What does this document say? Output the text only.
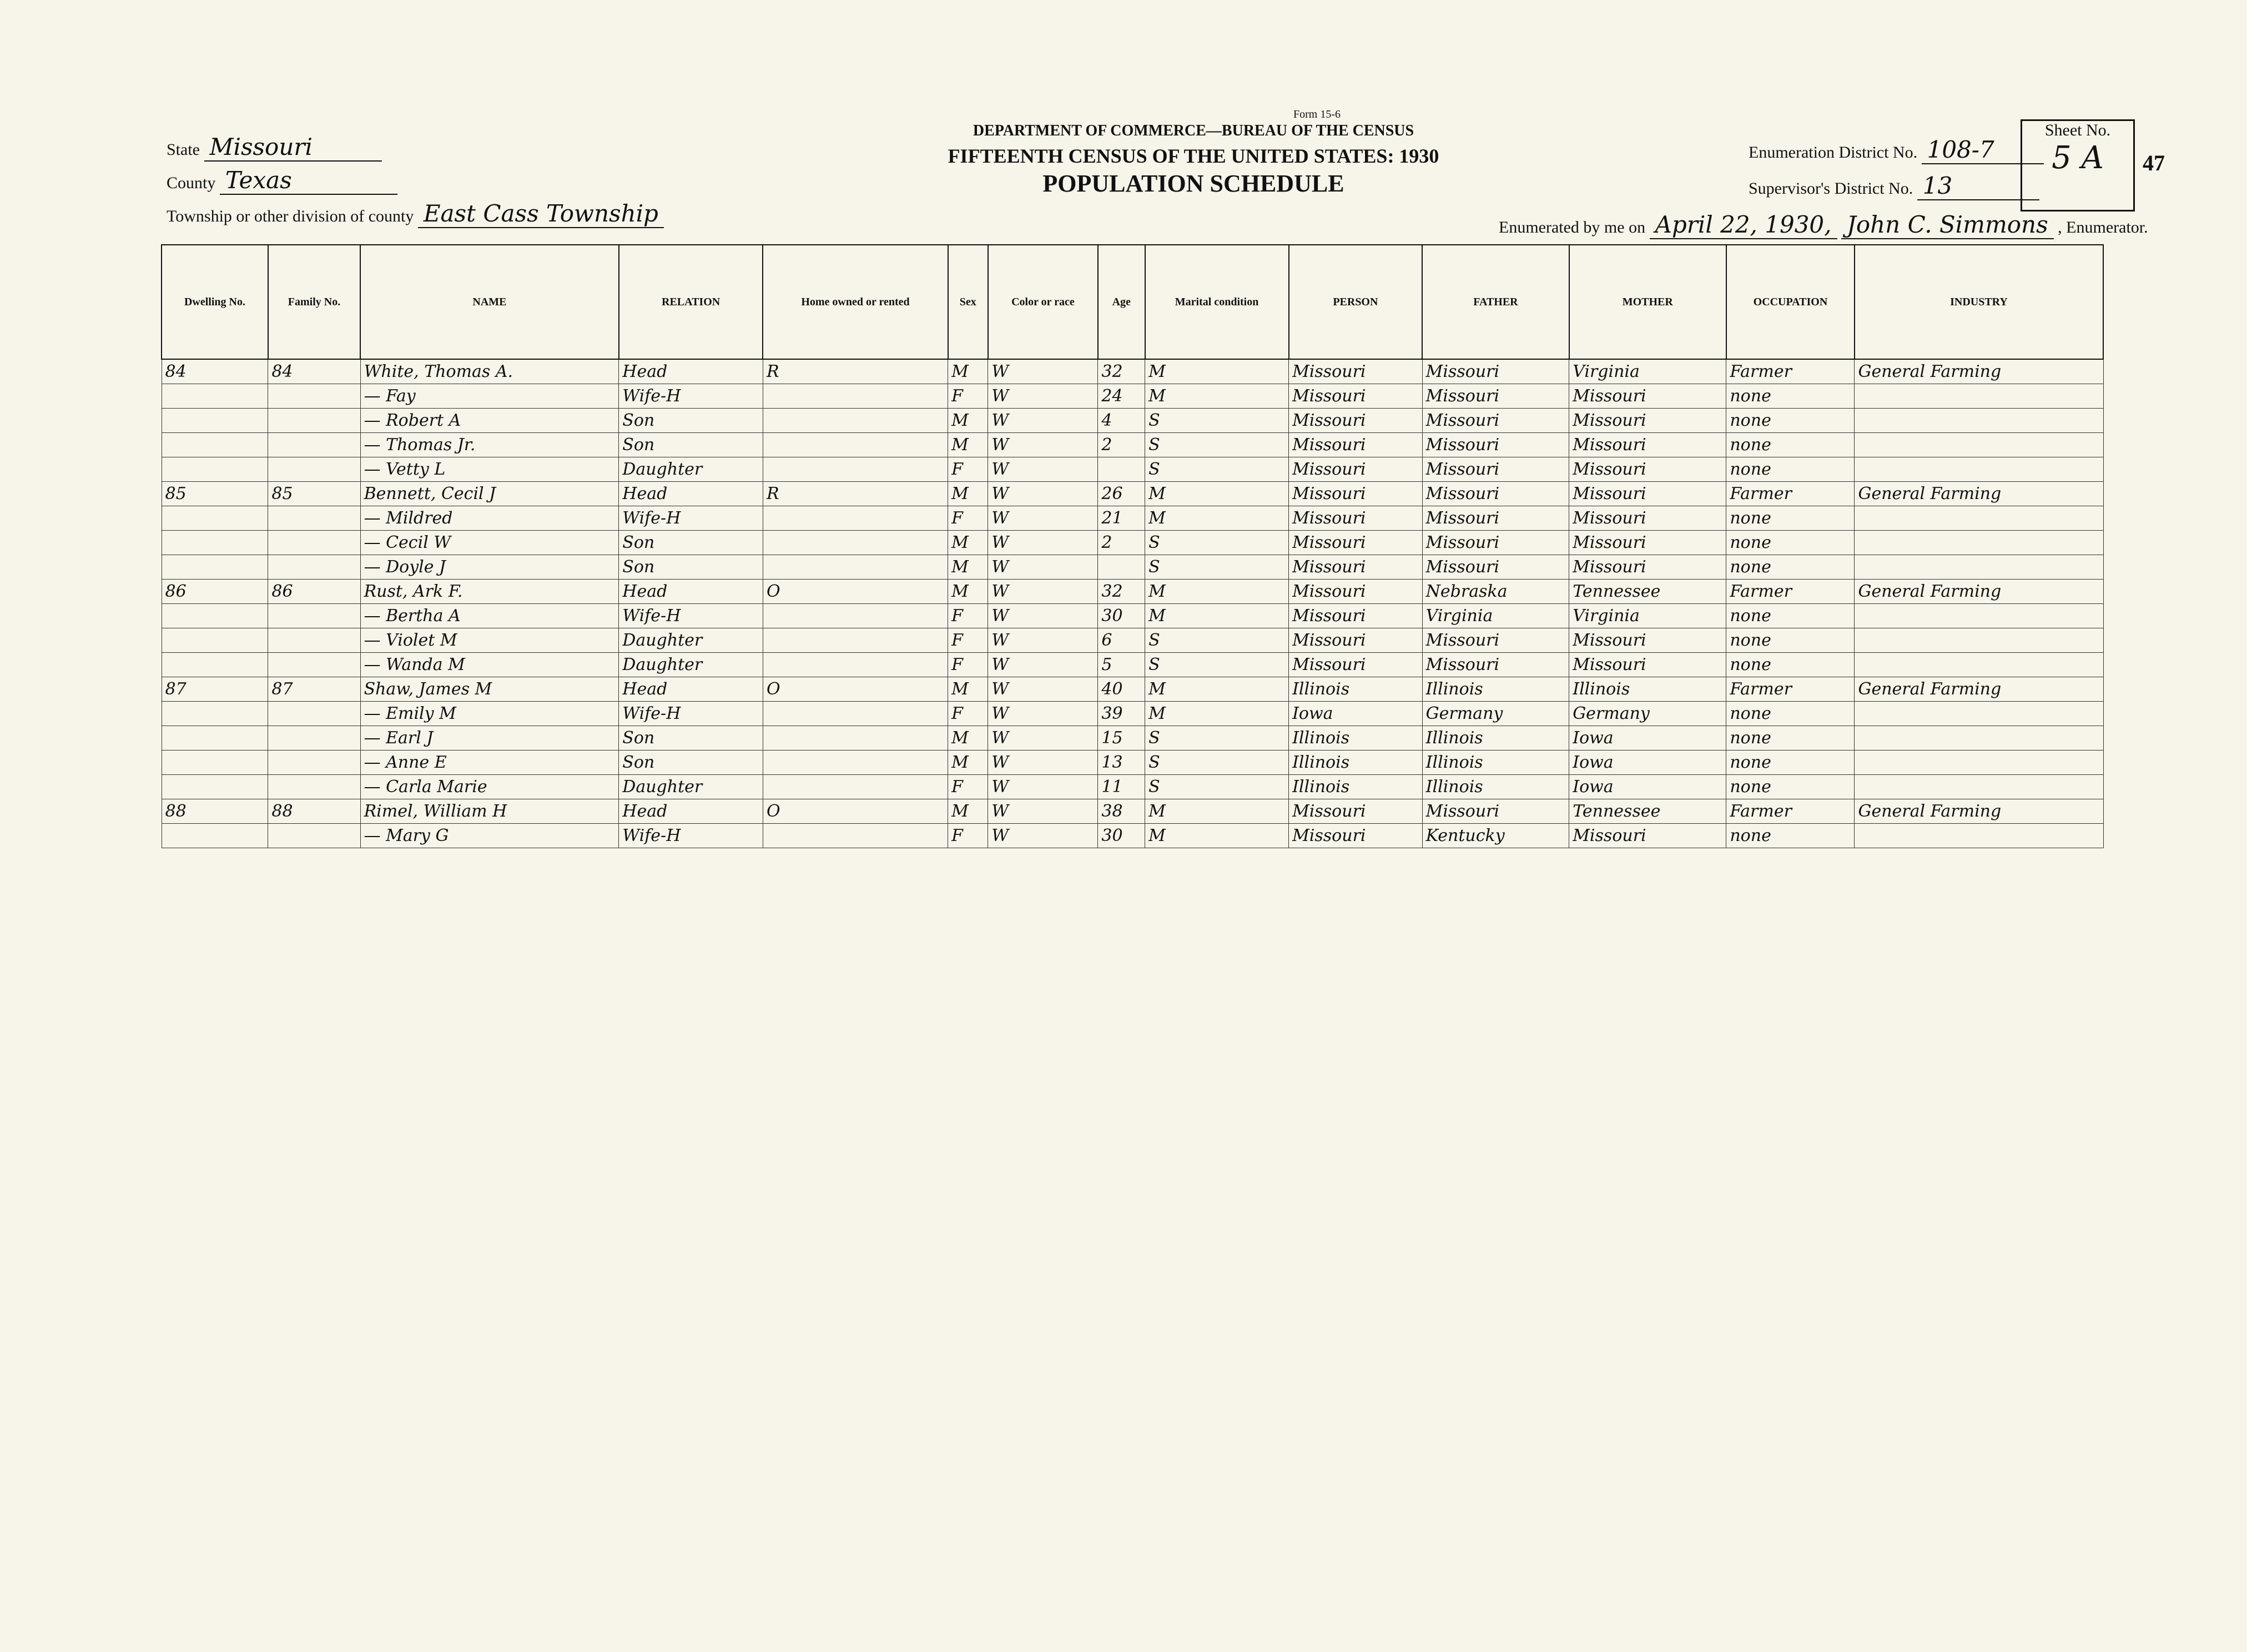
Form 15-6
DEPARTMENT OF COMMERCE—BUREAU OF THE CENSUS
FIFTEENTH CENSUS OF THE UNITED STATES: 1930
POPULATION SCHEDULE
State Missouri
County Texas
Township or other division of county East Cass Township
Enumeration District No. 108-7
Supervisor's District No. 13
Enumerated by me on April 22, 1930, John C. Simmons , Enumerator.
Sheet No.
5 A	47
Dwelling No.	Family No.	NAME	RELATION	Home owned or rented	Sex	Color or race	Age	Marital condition	PERSON	FATHER	MOTHER	OCCUPATION	INDUSTRY
84	84	White, Thomas A.	Head	R	M	W	32	M	Missouri	Missouri	Virginia	Farmer	General Farming
		— Fay	Wife-H		F	W	24	M	Missouri	Missouri	Missouri	none	
		— Robert A	Son		M	W	4	S	Missouri	Missouri	Missouri	none	
		— Thomas Jr.	Son		M	W	2	S	Missouri	Missouri	Missouri	none	
		— Vetty L	Daughter		F	W		S	Missouri	Missouri	Missouri	none	
85	85	Bennett, Cecil J	Head	R	M	W	26	M	Missouri	Missouri	Missouri	Farmer	General Farming
		— Mildred	Wife-H		F	W	21	M	Missouri	Missouri	Missouri	none	
		— Cecil W	Son		M	W	2	S	Missouri	Missouri	Missouri	none	
		— Doyle J	Son		M	W		S	Missouri	Missouri	Missouri	none	
86	86	Rust, Ark F.	Head	O	M	W	32	M	Missouri	Nebraska	Tennessee	Farmer	General Farming
		— Bertha A	Wife-H		F	W	30	M	Missouri	Virginia	Virginia	none	
		— Violet M	Daughter		F	W	6	S	Missouri	Missouri	Missouri	none	
		— Wanda M	Daughter		F	W	5	S	Missouri	Missouri	Missouri	none	
87	87	Shaw, James M	Head	O	M	W	40	M	Illinois	Illinois	Illinois	Farmer	General Farming
		— Emily M	Wife-H		F	W	39	M	Iowa	Germany	Germany	none	
		— Earl J	Son		M	W	15	S	Illinois	Illinois	Iowa	none	
		— Anne E	Son		M	W	13	S	Illinois	Illinois	Iowa	none	
		— Carla Marie	Daughter		F	W	11	S	Illinois	Illinois	Iowa	none	
88	88	Rimel, William H	Head	O	M	W	38	M	Missouri	Missouri	Tennessee	Farmer	General Farming
		— Mary G	Wife-H		F	W	30	M	Missouri	Kentucky	Missouri	none	
